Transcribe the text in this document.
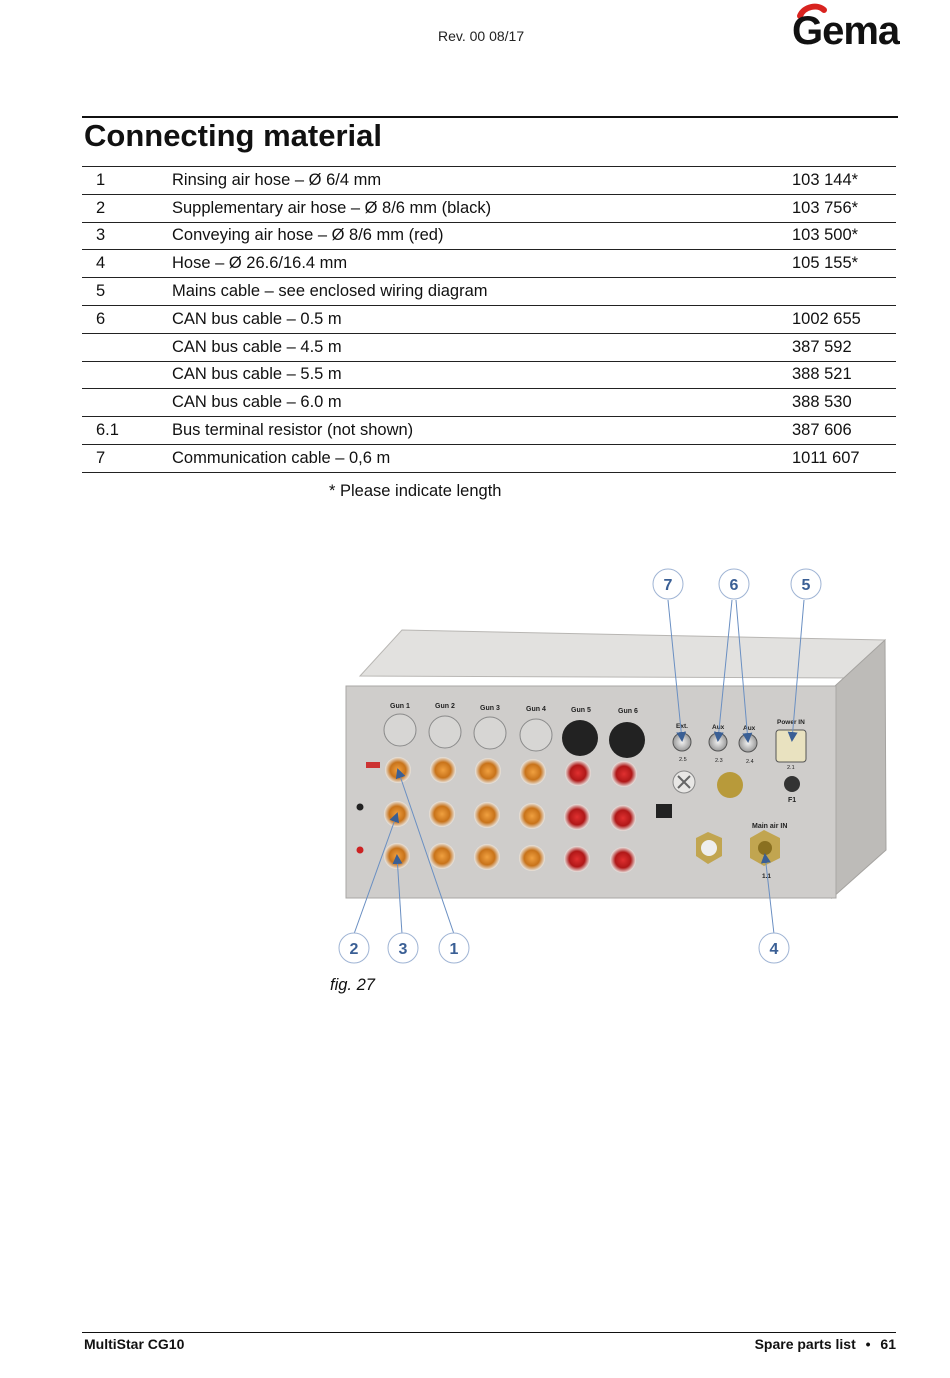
Rev. 00 08/17	Gema
Connecting material
1	Rinsing air hose – Ø 6/4 mm	103 144*
2	Supplementary air hose – Ø 8/6 mm (black)	103 756*
3	Conveying air hose – Ø 8/6 mm (red)	103 500*
4	Hose – Ø 26.6/16.4 mm	105 155*
5	Mains cable – see enclosed wiring diagram	
6	CAN bus cable – 0.5 m	1002 655
	CAN bus cable – 4.5 m	387 592
	CAN bus cable – 5.5 m	388 521
	CAN bus cable – 6.0 m	388 530
6.1	Bus terminal resistor (not shown)	387 606
7	Communication cable – 0,6 m	1011 607
* Please indicate length
Gun 1	Gun 2	Gun 3	Gun 4	Gun 5	Gun 6
Ext.	Aux	Aux
Power IN
2.5	2.3	2.4
2.1
F1
Main air IN
1.1
7	6	5
2	3	1	4
fig. 27
MultiStar CG10	Spare parts list • 61
